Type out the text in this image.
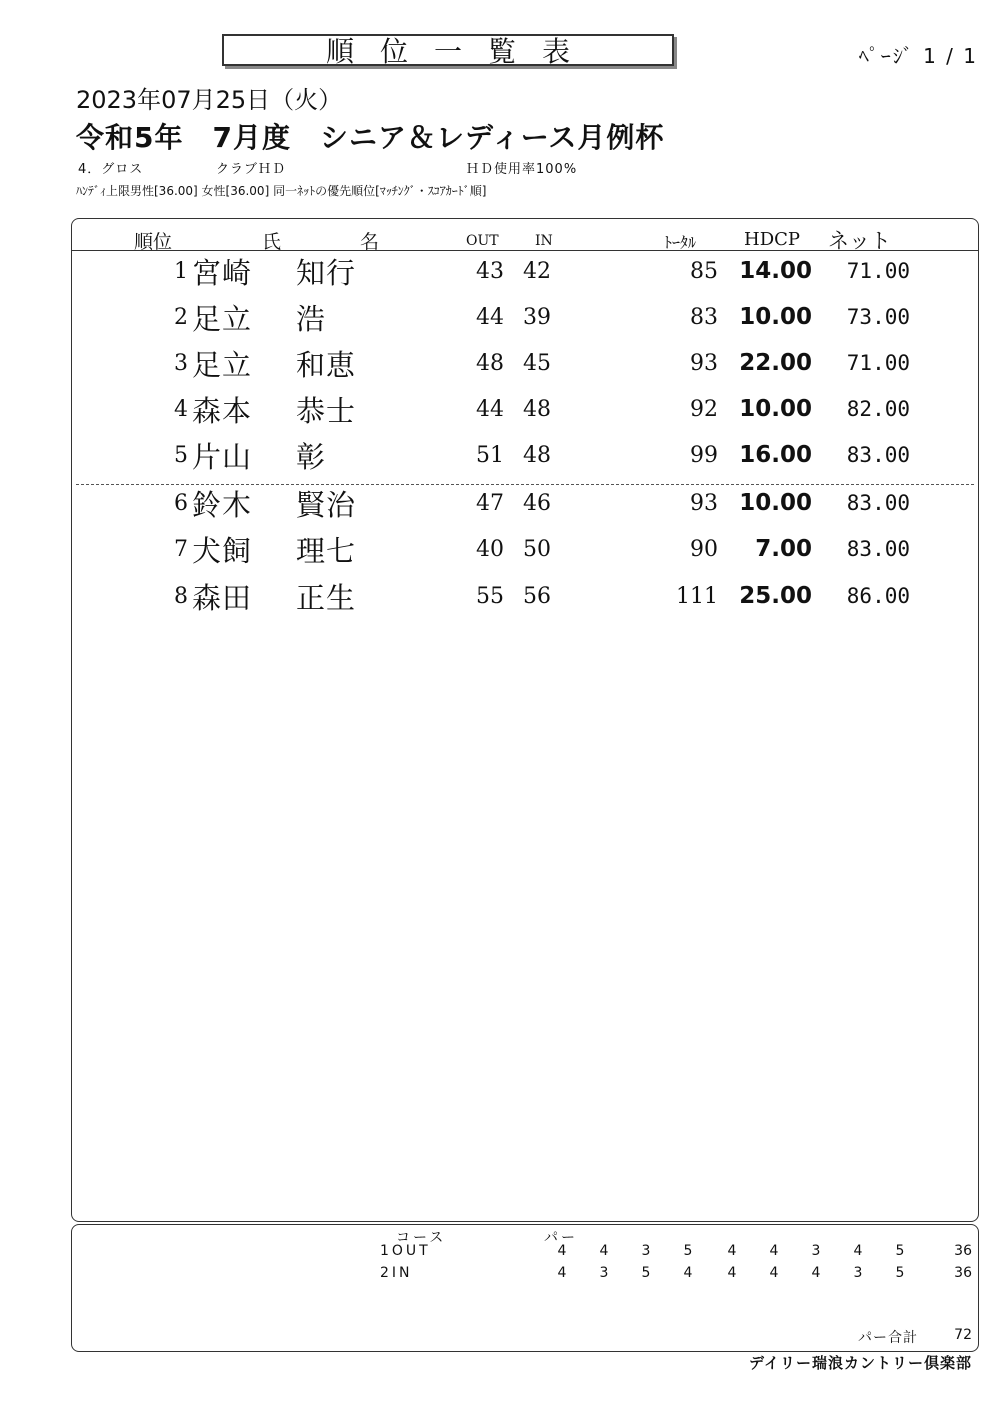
順位一覧表	ﾍﾟｰｼﾞ 1 / 1
2023年07月25日（火）
令和5年　7月度　シニア＆レディース月例杯
4．グロス	クラブＨＤ	ＨＤ使用率100%
ﾊﾝﾃﾞｨ上限男性[36.00] 女性[36.00] 同一ﾈｯﾄの優先順位[ﾏｯﾁﾝｸﾞ・ｽｺｱｶｰﾄﾞ順]
順位	氏	名	OUT	IN	ﾄｰﾀﾙ	HDCP ネット
1 宮崎 知行	43 42	85 14.00	71.00
2 足立 浩	44 39	83 10.00	73.00
3 足立 和恵	48 45	93 22.00	71.00
4 森本 恭士	44 48	92 10.00	82.00
5 片山 彰	51 48	99 16.00	83.00
6 鈴木 賢治	47 46	93 10.00	83.00
7 犬飼 理七	40 50	90	7.00	83.00
8 森田 正生	55 56	111 25.00	86.00
コース	パー
1OUT	4	4	3	5	4	4	3	4	5	36
2IN	4	3	5	4	4	4	4	3	5	36
パー合計	72
デイリー瑞浪カントリー倶楽部
